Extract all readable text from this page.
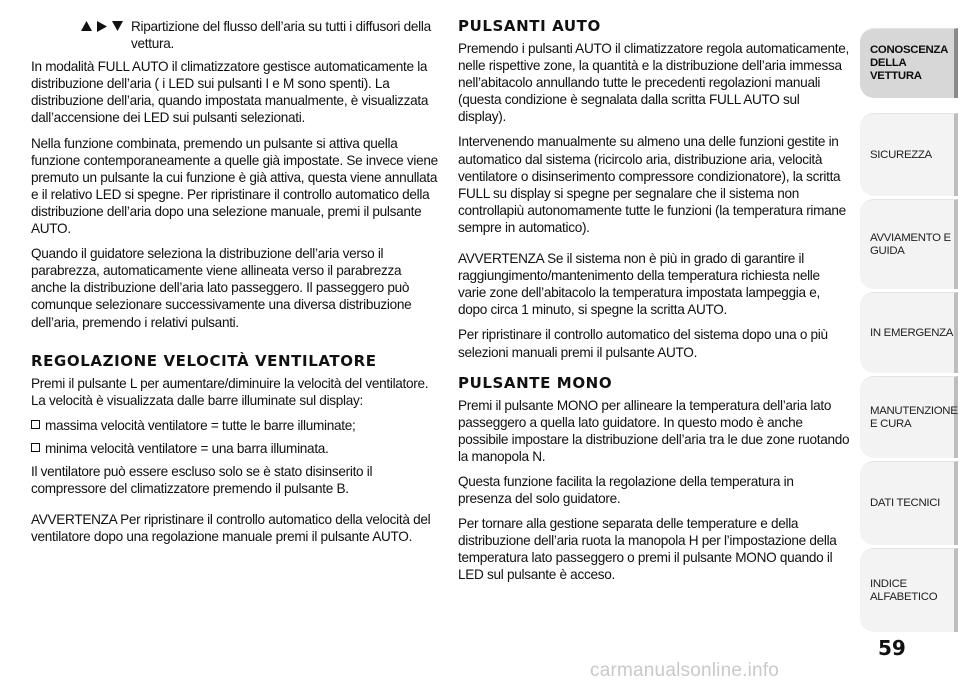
Ripartizione del flusso dell’aria su tutti i diffusori della vettura.

In modalità FULL AUTO il climatizzatore gestisce automaticamente la distribuzione dell’aria ( i LED sui pulsanti I e M sono spenti). La distribuzione dell’aria, quando impostata manualmente, è visualizzata dall’accensione dei LED sui pulsanti selezionati.

Nella funzione combinata, premendo un pulsante si attiva quella funzione contemporaneamente a quelle già impostate. Se invece viene premuto un pulsante la cui funzione è già attiva, questa viene annullata e il relativo LED si spegne. Per ripristinare il controllo automatico della distribuzione dell’aria dopo una selezione manuale, premi il pulsante AUTO.

Quando il guidatore seleziona la distribuzione dell’aria verso il parabrezza, automaticamente viene allineata verso il parabrezza anche la distribuzione dell’aria lato passeggero. Il passeggero può comunque selezionare successivamente una diversa distribuzione dell’aria, premendo i relativi pulsanti.

REGOLAZIONE VELOCITÀ VENTILATORE

Premi il pulsante L per aumentare/diminuire la velocità del ventilatore. La velocità è visualizzata dalle barre illuminate sul display:

massima velocità ventilatore = tutte le barre illuminate;
minima velocità ventilatore = una barra illuminata.

Il ventilatore può essere escluso solo se è stato disinserito il compressore del climatizzatore premendo il pulsante B.

AVVERTENZA Per ripristinare il controllo automatico della velocità del ventilatore dopo una regolazione manuale premi il pulsante AUTO.

PULSANTI AUTO

Premendo i pulsanti AUTO il climatizzatore regola automaticamente, nelle rispettive zone, la quantità e la distribuzione dell’aria immessa nell’abitacolo annullando tutte le precedenti regolazioni manuali (questa condizione è segnalata dalla scritta FULL AUTO sul display).

Intervenendo manualmente su almeno una delle funzioni gestite in automatico dal sistema (ricircolo aria, distribuzione aria, velocità ventilatore o disinserimento compressore condizionatore), la scritta FULL su display si spegne per segnalare che il sistema non controllapiù autonomamente tutte le funzioni (la temperatura rimane sempre in automatico).

AVVERTENZA Se il sistema non è più in grado di garantire il raggiungimento/mantenimento della temperatura richiesta nelle varie zone dell’abitacolo la temperatura impostata lampeggia e, dopo circa 1 minuto, si spegne la scritta AUTO.

Per ripristinare il controllo automatico del sistema dopo una o più selezioni manuali premi il pulsante AUTO.

PULSANTE MONO

Premi il pulsante MONO per allineare la temperatura dell’aria lato passeggero a quella lato guidatore. In questo modo è anche possibile impostare la distribuzione dell’aria tra le due zone ruotando la manopola N.

Questa funzione facilita la regolazione della temperatura in presenza del solo guidatore.

Per tornare alla gestione separata delle temperature e della distribuzione dell’aria ruota la manopola H per l’impostazione della temperatura lato passeggero o premi il pulsante MONO quando il LED sul pulsante è acceso.

CONOSCENZA DELLA VETTURA
SICUREZZA
AVVIAMENTO E GUIDA
IN EMERGENZA
MANUTENZIONE E CURA
DATI TECNICI
INDICE ALFABETICO
59
carmanualsonline.info
